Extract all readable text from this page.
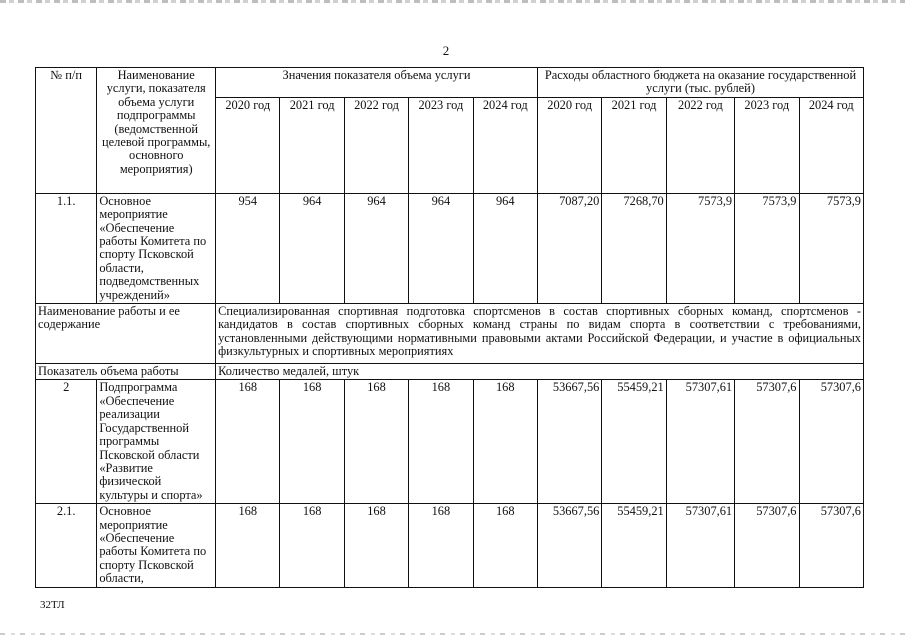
2
№ п/п	Наименование услуги, показателя объема услуги подпрограммы (ведомственной целевой программы, основного мероприятия)	Значения показателя объема услуги					Расходы областного бюджета на оказание государственной услуги (тыс. рублей)				
		2020 год	2021 год	2022 год	2023 год	2024 год	2020 год	2021 год	2022 год	2023 год	2024 год
1.1.	Основное мероприятие «Обеспечение работы Комитета по спорту Псковской области, подведомственных учреждений»	954	964	964	964	964	7087,20	7268,70	7573,9	7573,9	7573,9
Наименование работы и ее содержание		Специализированная спортивная подготовка спортсменов в состав спортивных сборных команд, спортсменов - кандидатов в состав спортивных сборных команд страны по видам спорта в соответствии с требованиями, установленными действующими нормативными правовыми актами Российской Федерации, и участие в официальных физкультурных и спортивных мероприятиях									
Показатель объема работы		Количество медалей, штук									
2	Подпрограмма «Обеспечение реализации Государственной программы Псковской области «Развитие физической культуры и спорта»	168	168	168	168	168	53667,56	55459,21	57307,61	57307,6	57307,6
2.1.	Основное мероприятие «Обеспечение работы Комитета по спорту Псковской области,	168	168	168	168	168	53667,56	55459,21	57307,61	57307,6	57307,6
32ТЛ
